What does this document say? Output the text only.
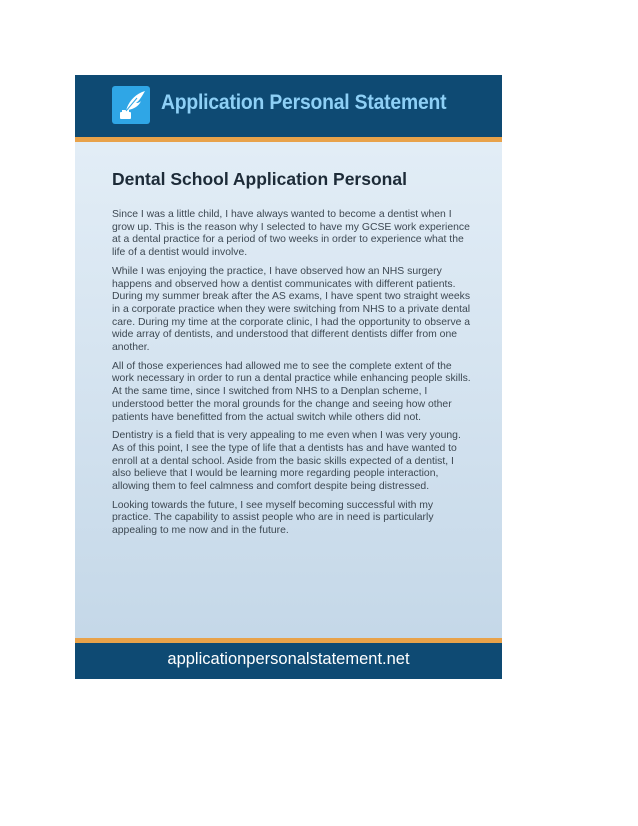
Application Personal Statement
Dental School Application Personal

Since I was a little child, I have always wanted to become a dentist when I grow up. This is the reason why I selected to have my GCSE work experience at a dental practice for a period of two weeks in order to experience what the life of a dentist would involve.

While I was enjoying the practice, I have observed how an NHS surgery happens and observed how a dentist communicates with different patients. During my summer break after the AS exams, I have spent two straight weeks in a corporate practice when they were switching from NHS to a private dental care. During my time at the corporate clinic, I had the opportunity to observe a wide array of dentists, and understood that different dentists differ from one another.

All of those experiences had allowed me to see the complete extent of the work necessary in order to run a dental practice while enhancing people skills. At the same time, since I switched from NHS to a Denplan scheme, I understood better the moral grounds for the change and seeing how other patients have benefitted from the actual switch while others did not.

Dentistry is a field that is very appealing to me even when I was very young. As of this point, I see the type of life that a dentists has and have wanted to enroll at a dental school. Aside from the basic skills expected of a dentist, I also believe that I would be learning more regarding people interaction, allowing them to feel calmness and comfort despite being distressed.

Looking towards the future, I see myself becoming successful with my practice. The capability to assist people who are in need is particularly appealing to me now and in the future.

applicationpersonalstatement.net
